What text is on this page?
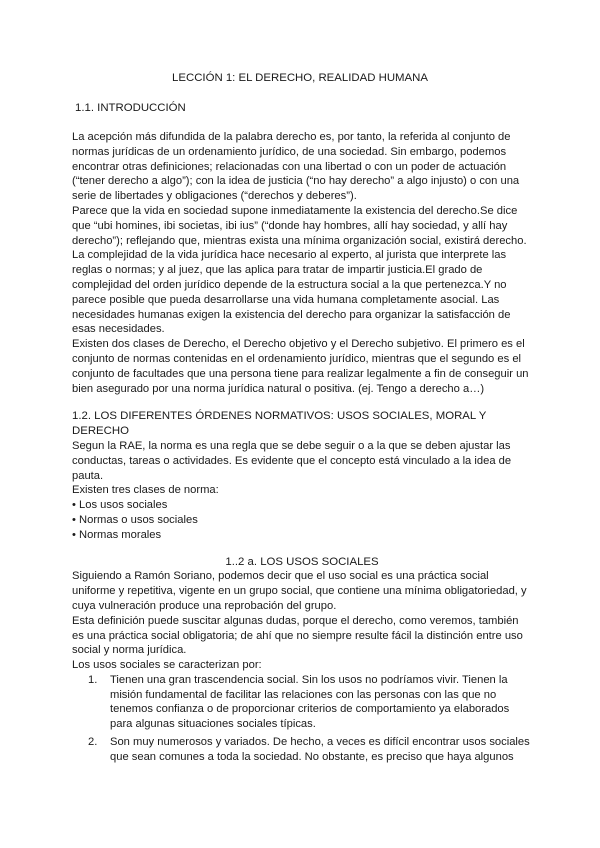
LECCIÓN 1: EL DERECHO, REALIDAD HUMANA
1.1. INTRODUCCIÓN

La acepción más difundida de la palabra derecho es, por tanto, la referida al conjunto de normas jurídicas de un ordenamiento jurídico, de una sociedad. Sin embargo, podemos encontrar otras definiciones; relacionadas con una libertad o con un poder de actuación (“tener derecho a algo”); con la idea de justicia (“no hay derecho” a algo injusto) o con una serie de libertades y obligaciones (“derechos y deberes”).

Parece que la vida en sociedad supone inmediatamente la existencia del derecho.Se dice que “ubi homines, ibi societas, ibi ius” (“donde hay hombres, allí hay sociedad, y allí hay derecho”); reflejando que, mientras exista una mínima organización social, existirá derecho.

La complejidad de la vida jurídica hace necesario al experto, al jurista que interprete las reglas o normas; y al juez, que las aplica para tratar de impartir justicia.El grado de complejidad del orden jurídico depende de la estructura social a la que pertenezca.Y no parece posible que pueda desarrollarse una vida humana completamente asocial. Las necesidades humanas exigen la existencia del derecho para organizar la satisfacción de esas necesidades.

Existen dos clases de Derecho, el Derecho objetivo y el Derecho subjetivo. El primero es el conjunto de normas contenidas en el ordenamiento jurídico, mientras que el segundo es el conjunto de facultades que una persona tiene para realizar legalmente a fin de conseguir un bien asegurado por una norma jurídica natural o positiva. (ej. Tengo a derecho a…)

1.2. LOS DIFERENTES ÓRDENES NORMATIVOS: USOS SOCIALES, MORAL Y DERECHO

Segun la RAE, la norma es una regla que se debe seguir o a la que se deben ajustar las conductas, tareas o actividades. Es evidente que el concepto está vinculado a la idea de pauta.

Existen tres clases de norma:

• Los usos sociales
• Normas o usos sociales
• Normas morales
1..2 a. LOS USOS SOCIALES

Siguiendo a Ramón Soriano, podemos decir que el uso social es una práctica social uniforme y repetitiva, vigente en un grupo social, que contiene una mínima obligatoriedad, y cuya vulneración produce una reprobación del grupo.

Esta definición puede suscitar algunas dudas, porque el derecho, como veremos, también es una práctica social obligatoria; de ahí que no siempre resulte fácil la distinción entre uso social y norma jurídica.

Los usos sociales se caracterizan por:

1. Tienen una gran trascendencia social. Sin los usos no podríamos vivir. Tienen la misión fundamental de facilitar las relaciones con las personas con las que no tenemos confianza o de proporcionar criterios de comportamiento ya elaborados para algunas situaciones sociales típicas.
2. Son muy numerosos y variados. De hecho, a veces es difícil encontrar usos sociales que sean comunes a toda la sociedad. No obstante, es preciso que haya algunos
